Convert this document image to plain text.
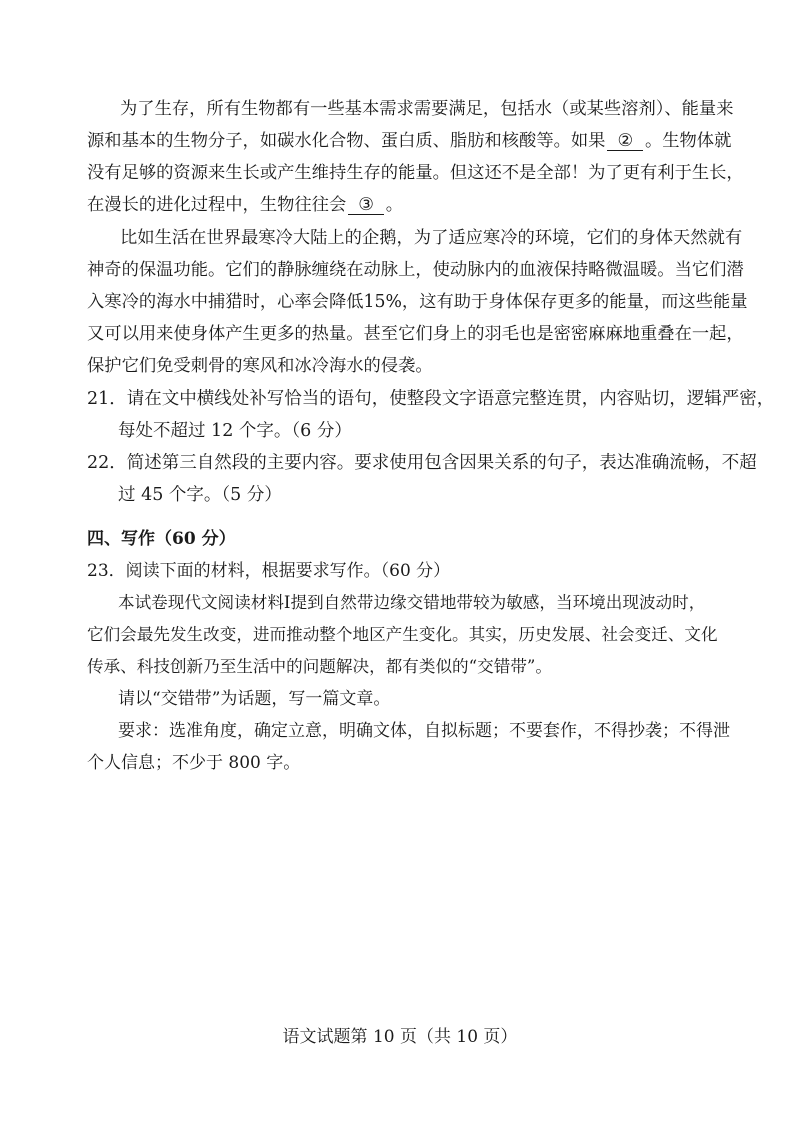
为了生存，所有生物都有一些基本需求需要满足，包括水（或某些溶剂）、能量来
源和基本的生物分子，如碳水化合物、蛋白质、脂肪和核酸等。如果 ② 。生物体就
没有足够的资源来生长或产生维持生存的能量。但这还不是全部！为了更有利于生长，
在漫长的进化过程中，生物往往会 ③ 。
比如生活在世界最寒冷大陆上的企鹅，为了适应寒冷的环境，它们的身体天然就有
神奇的保温功能。它们的静脉缠绕在动脉上，使动脉内的血液保持略微温暖。当它们潜
入寒冷的海水中捕猎时，心率会降低15%，这有助于身体保存更多的能量，而这些能量
又可以用来使身体产生更多的热量。甚至它们身上的羽毛也是密密麻麻地重叠在一起，
保护它们免受刺骨的寒风和冰冷海水的侵袭。
21．请在文中横线处补写恰当的语句，使整段文字语意完整连贯，内容贴切，逻辑严密，
每处不超过 12 个字。（6 分）
22．简述第三自然段的主要内容。要求使用包含因果关系的句子，表达准确流畅，不超
过 45 个字。（5 分）
四、写作（60 分）
23．阅读下面的材料，根据要求写作。（60 分）
本试卷现代文阅读材料Ⅰ提到自然带边缘交错地带较为敏感，当环境出现波动时，
它们会最先发生改变，进而推动整个地区产生变化。其实，历史发展、社会变迁、文化
传承、科技创新乃至生活中的问题解决，都有类似的“交错带”。
请以“交错带”为话题，写一篇文章。
要求：选准角度，确定立意，明确文体，自拟标题；不要套作，不得抄袭；不得泄
个人信息；不少于 800 字。
语文试题第 10 页（共 10 页）
